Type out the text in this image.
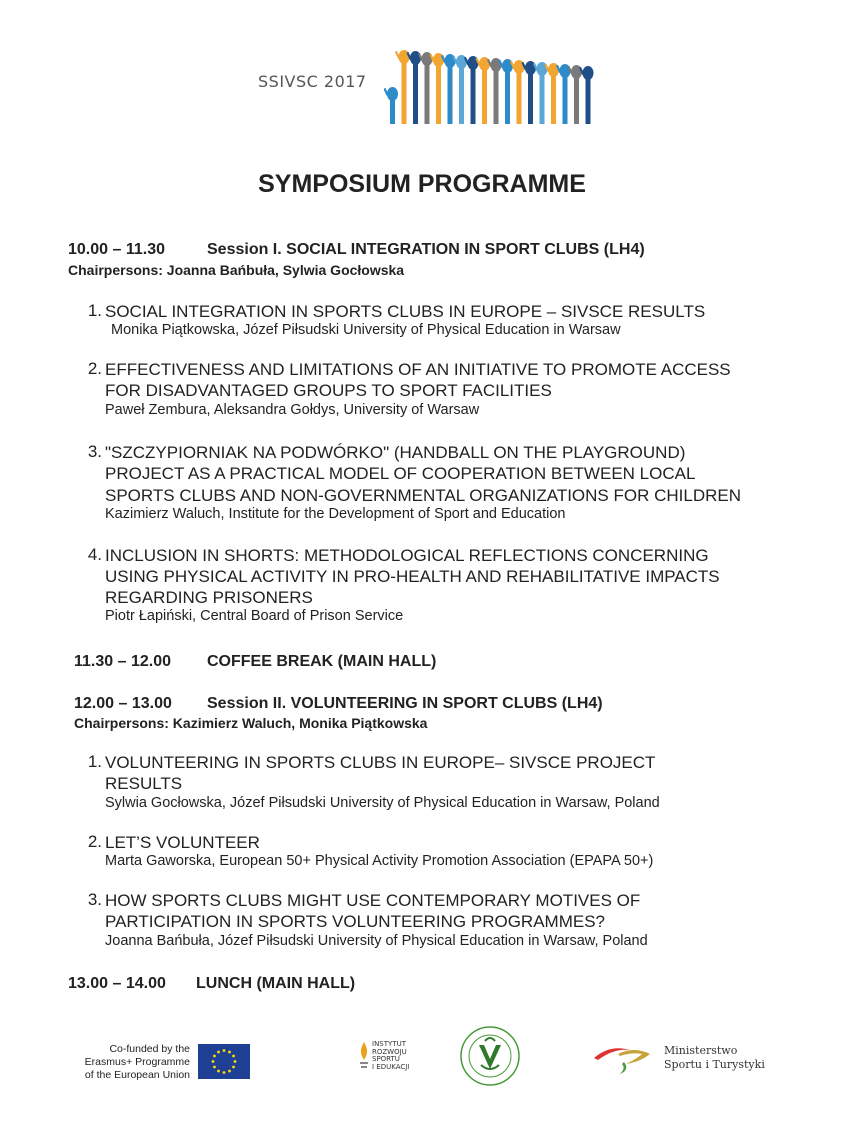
SSIVSC 2017
SYMPOSIUM PROGRAMME
10.00 – 11.30	Session I. SOCIAL INTEGRATION IN SPORT CLUBS (LH4)
Chairpersons: Joanna Bańbuła, Sylwia Gocłowska
1. SOCIAL INTEGRATION IN SPORTS CLUBS IN EUROPE – SIVSCE RESULTS
Monika Piątkowska, Józef Piłsudski University of Physical Education in Warsaw
2. EFFECTIVENESS AND LIMITATIONS OF AN INITIATIVE TO PROMOTE ACCESS
FOR DISADVANTAGED GROUPS TO SPORT FACILITIES
Paweł Zembura, Aleksandra Gołdys, University of Warsaw
3. "SZCZYPIORNIAK NA PODWÓRKO" (HANDBALL ON THE PLAYGROUND)
PROJECT AS A PRACTICAL MODEL OF COOPERATION BETWEEN LOCAL
SPORTS CLUBS AND NON-GOVERNMENTAL ORGANIZATIONS FOR CHILDREN
Kazimierz Waluch, Institute for the Development of Sport and Education
4. INCLUSION IN SHORTS: METHODOLOGICAL REFLECTIONS CONCERNING
USING PHYSICAL ACTIVITY IN PRO-HEALTH AND REHABILITATIVE IMPACTS
REGARDING PRISONERS
Piotr Łapiński, Central Board of Prison Service
11.30 – 12.00 COFFEE BREAK (MAIN HALL)
12.00 – 13.00 Session II. VOLUNTEERING IN SPORT CLUBS (LH4)
Chairpersons: Kazimierz Waluch, Monika Piątkowska
1. VOLUNTEERING IN SPORTS CLUBS IN EUROPE– SIVSCE PROJECT
RESULTS
Sylwia Gocłowska, Józef Piłsudski University of Physical Education in Warsaw, Poland
2. LET’S VOLUNTEER
Marta Gaworska, European 50+ Physical Activity Promotion Association (EPAPA 50+)
3. HOW SPORTS CLUBS MIGHT USE CONTEMPORARY MOTIVES OF
PARTICIPATION IN SPORTS VOLUNTEERING PROGRAMMES?
Joanna Bańbuła, Józef Piłsudski University of Physical Education in Warsaw, Poland
13.00 – 14.00 LUNCH (MAIN HALL)
Co-funded by the
Erasmus+ Programme
of the European Union
INSTYTUT
ROZWOJU
SPORTU
I EDUKACJI
Ministerstwo
Sportu i Turystyki
